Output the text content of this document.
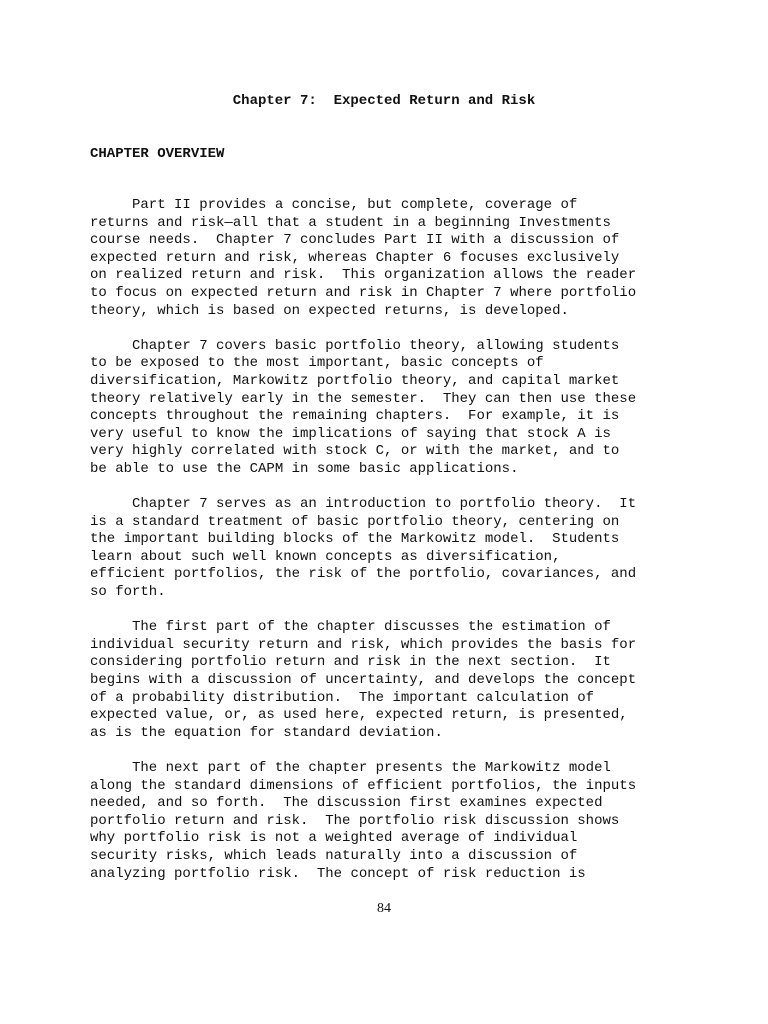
Chapter 7:  Expected Return and Risk
CHAPTER OVERVIEW
Part II provides a concise, but complete, coverage of
returns and risk—all that a student in a beginning Investments
course needs.  Chapter 7 concludes Part II with a discussion of
expected return and risk, whereas Chapter 6 focuses exclusively
on realized return and risk.  This organization allows the reader
to focus on expected return and risk in Chapter 7 where portfolio
theory, which is based on expected returns, is developed.
Chapter 7 covers basic portfolio theory, allowing students
to be exposed to the most important, basic concepts of
diversification, Markowitz portfolio theory, and capital market
theory relatively early in the semester.  They can then use these
concepts throughout the remaining chapters.  For example, it is
very useful to know the implications of saying that stock A is
very highly correlated with stock C, or with the market, and to
be able to use the CAPM in some basic applications.
Chapter 7 serves as an introduction to portfolio theory.  It
is a standard treatment of basic portfolio theory, centering on
the important building blocks of the Markowitz model.  Students
learn about such well known concepts as diversification,
efficient portfolios, the risk of the portfolio, covariances, and
so forth.
The first part of the chapter discusses the estimation of
individual security return and risk, which provides the basis for
considering portfolio return and risk in the next section.  It
begins with a discussion of uncertainty, and develops the concept
of a probability distribution.  The important calculation of
expected value, or, as used here, expected return, is presented,
as is the equation for standard deviation.
The next part of the chapter presents the Markowitz model
along the standard dimensions of efficient portfolios, the inputs
needed, and so forth.  The discussion first examines expected
portfolio return and risk.  The portfolio risk discussion shows
why portfolio risk is not a weighted average of individual
security risks, which leads naturally into a discussion of
analyzing portfolio risk.  The concept of risk reduction is
84
